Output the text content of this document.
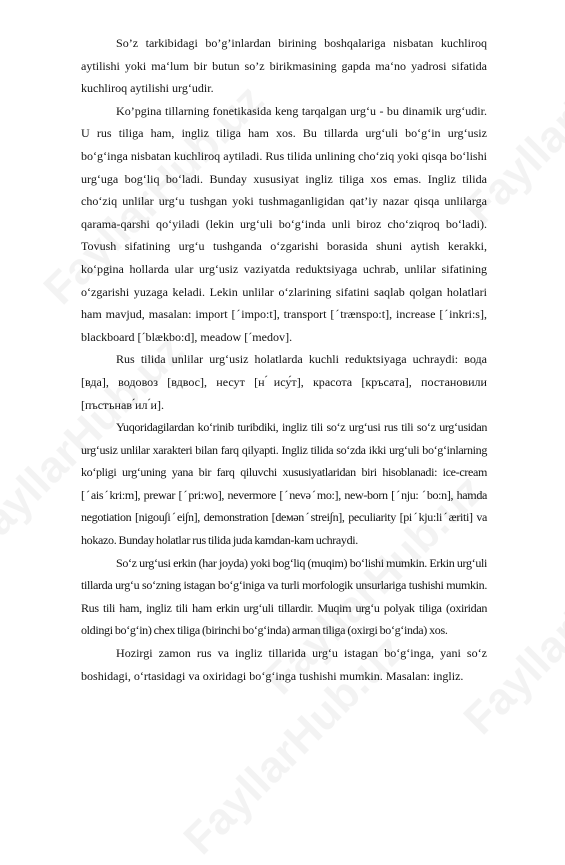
So’z tarkibidagi bo’g’inlardan birining boshqalariga nisbatan kuchliroq aytilishi yoki ma‘lum bir butun so’z birikmasining gapda ma‘no yadrosi sifatida kuchliroq aytilishi urg‘udir.

Ko’pgina tillarning fonetikasida keng tarqalgan urg‘u - bu dinamik urg‘udir. U rus tiliga ham, ingliz tiliga ham xos. Bu tillarda urg‘uli bo‘g‘in urg‘usiz bo‘g‘inga nisbatan kuchliroq aytiladi. Rus tilida unlining cho‘ziq yoki qisqa bo‘lishi urg‘uga bog‘liq bo‘ladi. Bunday xususiyat ingliz tiliga xos emas. Ingliz tilida cho‘ziq unlilar urg‘u tushgan yoki tushmaganligidan qat’iy nazar qisqa unlilarga qarama-qarshi qo‘yiladi (lekin urg‘uli bo‘g‘inda unli biroz cho‘ziqroq bo‘ladi). Tovush sifatining urg‘u tushganda o‘zgarishi borasida shuni aytish kerakki, ko‘pgina hollarda ular urg‘usiz vaziyatda reduktsiyaga uchrab, unlilar sifatining o‘zgarishi yuzaga keladi. Lekin unlilar o‘zlarining sifatini saqlab qolgan holatlari ham mavjud, masalan: import [ˊimpo:t], transport [ˊtrænspo:t], increase [ˊinkri:s], blackboard [ˊblækbo:d], meadow [ˊmedov].

Rus tilida unlilar urg‘usiz holatlarda kuchli reduktsiyaga uchraydi: вода [вда], водовоз [вдвос], несут [н ́ису́т], красота [кръсата], постановили [пъстънав ́ил ́и].

Yuqoridagilardan ko‘rinib turibdiki, ingliz tili so‘z urg‘usi rus tili so‘z urg‘usidan urg‘usiz unlilar xarakteri bilan farq qilyapti. Ingliz tilida so‘zda ikki urg‘uli bo‘g‘inlarning ko‘pligi urg‘uning yana bir farq qiluvchi xususiyatlaridan biri hisoblanadi: ice-cream [ˊaisˊkri:m], prewar [ˊpri:wo], nevermore [ˊnevəˊmo:], new-born [ˊnju: ˊbo:n], hamda negotiation [nigou∫iˊei∫n], demonstration [deмənˊstrei∫n], peculiarity [piˊkju:liˊæriti] va hokazo. Bunday holatlar rus tilida juda kamdan-kam uchraydi.

So‘z urg‘usi erkin (har joyda) yoki bog‘liq (muqim) bo‘lishi mumkin. Erkin urg‘uli tillarda urg‘u so‘zning istagan bo‘g‘iniga va turli morfologik unsurlariga tushishi mumkin. Rus tili ham, ingliz tili ham erkin urg‘uli tillardir. Muqim urg‘u polyak tiliga (oxiridan oldingi bo‘g‘in) chex tiliga (birinchi bo‘g‘inda) arman tiliga (oxirgi bo‘g‘inda) xos.

Hozirgi zamon rus va ingliz tillarida urg‘u istagan bo‘g‘inga, yani so‘z boshidagi, o‘rtasidagi va oxiridagi bo‘g‘inga tushishi mumkin. Masalan: ingliz.
